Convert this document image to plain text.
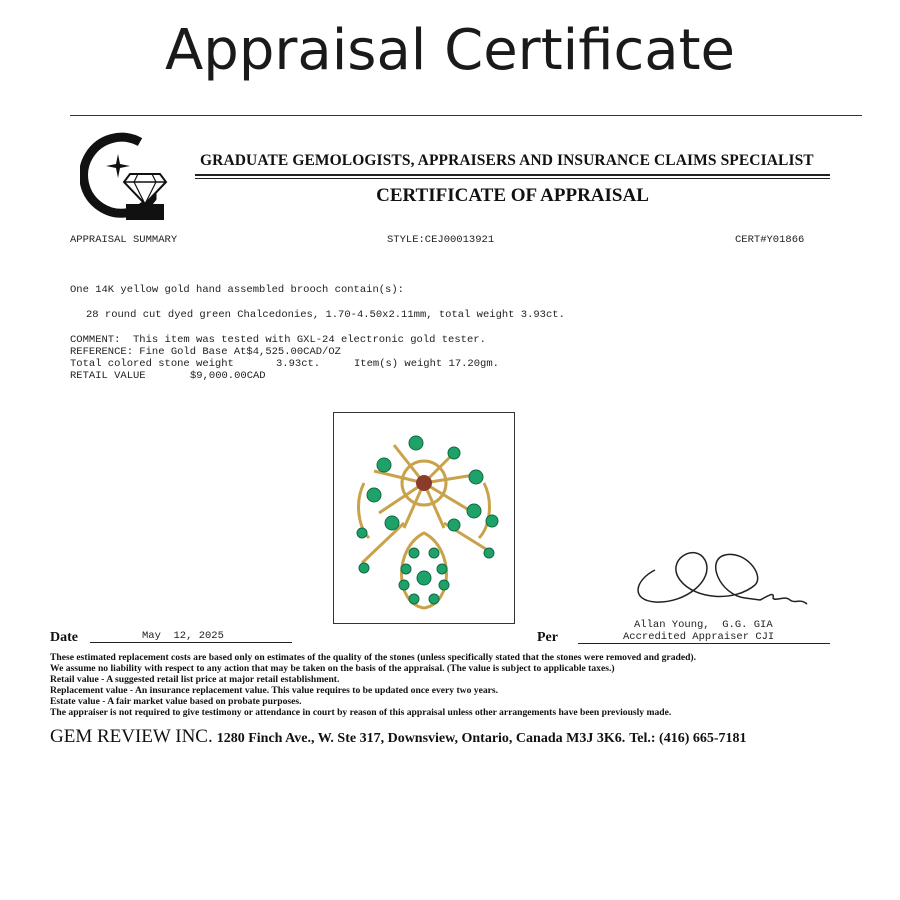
Appraisal Certificate
GRADUATE GEMOLOGISTS, APPRAISERS AND INSURANCE CLAIMS SPECIALIST
CERTIFICATE OF APPRAISAL
APPRAISAL SUMMARY	STYLE:CEJ00013921	CERT#Y01866
One 14K yellow gold hand assembled brooch contain(s):
28 round cut dyed green Chalcedonies, 1.70-4.50x2.11mm, total weight 3.93ct.
COMMENT:  This item was tested with GXL-24 electronic gold tester.
REFERENCE: Fine Gold Base At$4,525.00CAD/OZ
Total colored stone weight	3.93ct.	Item(s) weight 17.20gm.
RETAIL VALUE	$9,000.00CAD
Date	May  12, 2025	Per
Allan Young,  G.G. GIA
Accredited Appraiser CJI
These estimated replacement costs are based only on estimates of the quality of the stones (unless specifically stated that the stones were removed and graded).
We assume no liability with respect to any action that may be taken on the basis of the appraisal. (The value is subject to applicable taxes.)
Retail value - A suggested retail list price at major retail establishment.
Replacement value - An insurance replacement value. This value requires to be updated once every two years.
Estate value - A fair market value based on probate purposes.
The appraiser is not required to give testimony or attendance in court by reason of this appraisal unless other arrangements have been previously made.
GEM REVIEW INC. 1280 Finch Ave., W. Ste 317, Downsview, Ontario, Canada M3J 3K6. Tel.: (416) 665-7181
